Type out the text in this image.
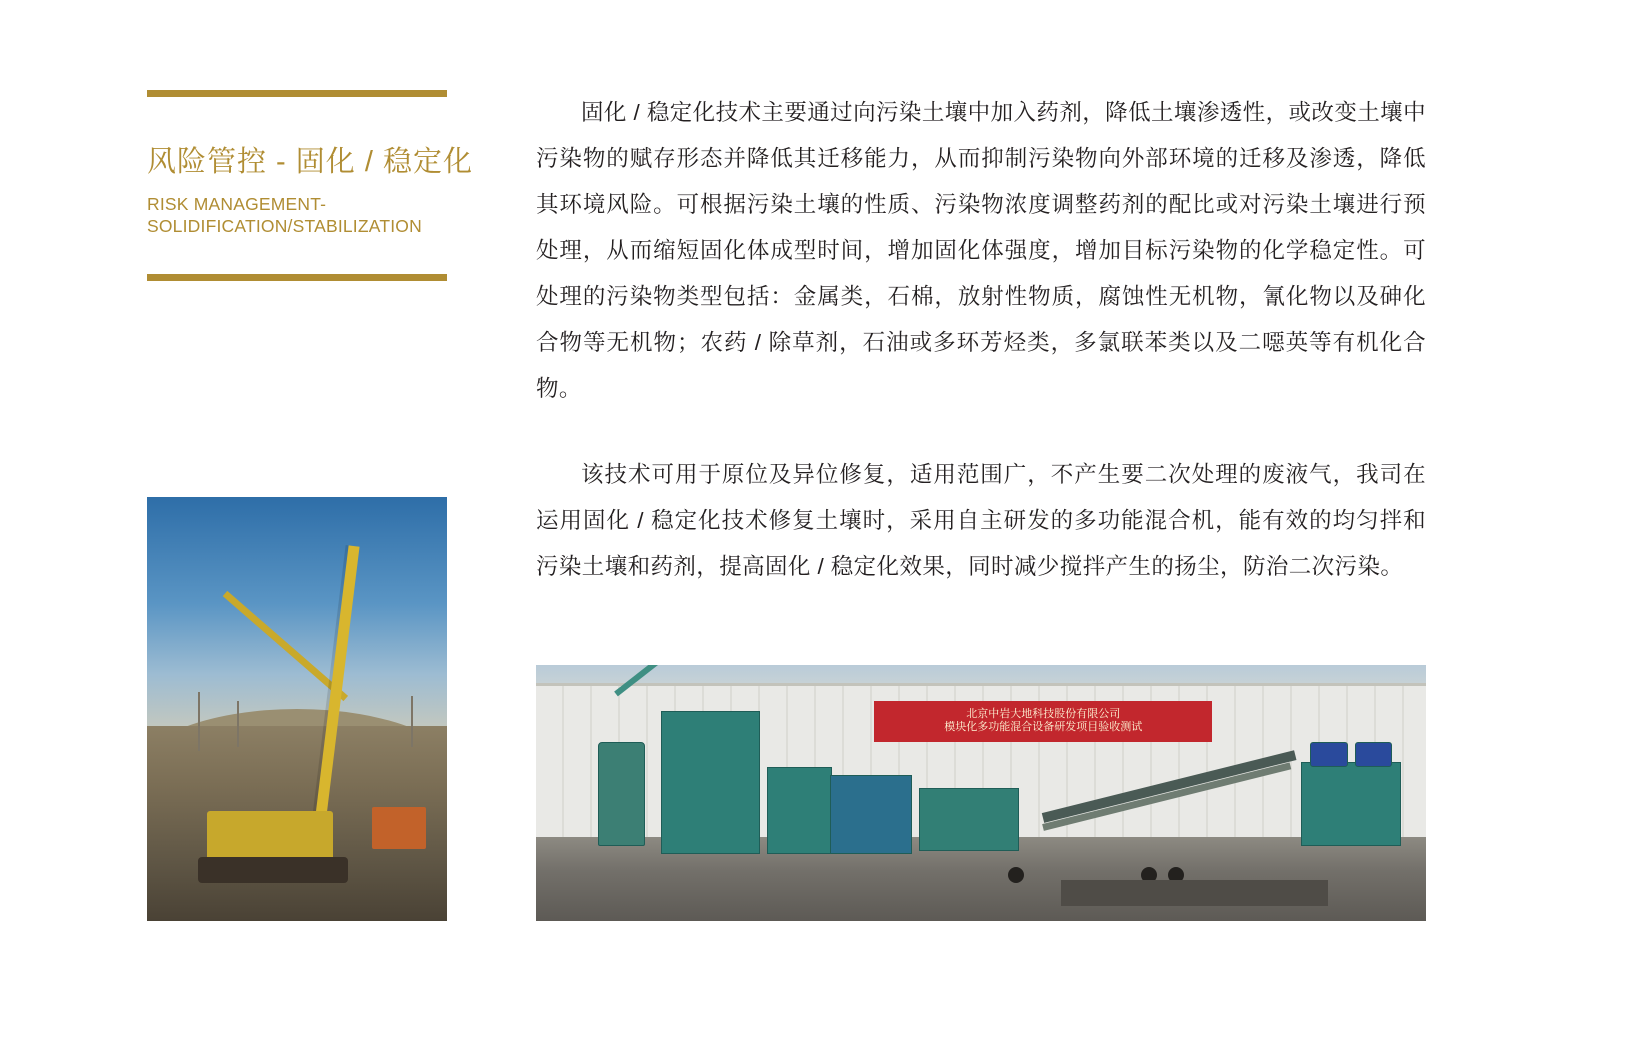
风险管控 - 固化 / 稳定化
RISK MANAGEMENT-
SOLIDIFICATION/STABILIZATION

固化 / 稳定化技术主要通过向污染土壤中加入药剂，降低土壤渗透性，或改变土壤中污染物的赋存形态并降低其迁移能力，从而抑制污染物向外部环境的迁移及渗透，降低其环境风险。可根据污染土壤的性质、污染物浓度调整药剂的配比或对污染土壤进行预处理，从而缩短固化体成型时间，增加固化体强度，增加目标污染物的化学稳定性。可处理的污染物类型包括：金属类，石棉，放射性物质，腐蚀性无机物，氰化物以及砷化合物等无机物；农药 / 除草剂，石油或多环芳烃类，多氯联苯类以及二噁英等有机化合物。

该技术可用于原位及异位修复，适用范围广，不产生要二次处理的废液气，我司在运用固化 / 稳定化技术修复土壤时，采用自主研发的多功能混合机，能有效的均匀拌和污染土壤和药剂，提高固化 / 稳定化效果，同时减少搅拌产生的扬尘，防治二次污染。

北京中岩大地科技股份有限公司
模块化多功能混合设备研发项目验收测试
